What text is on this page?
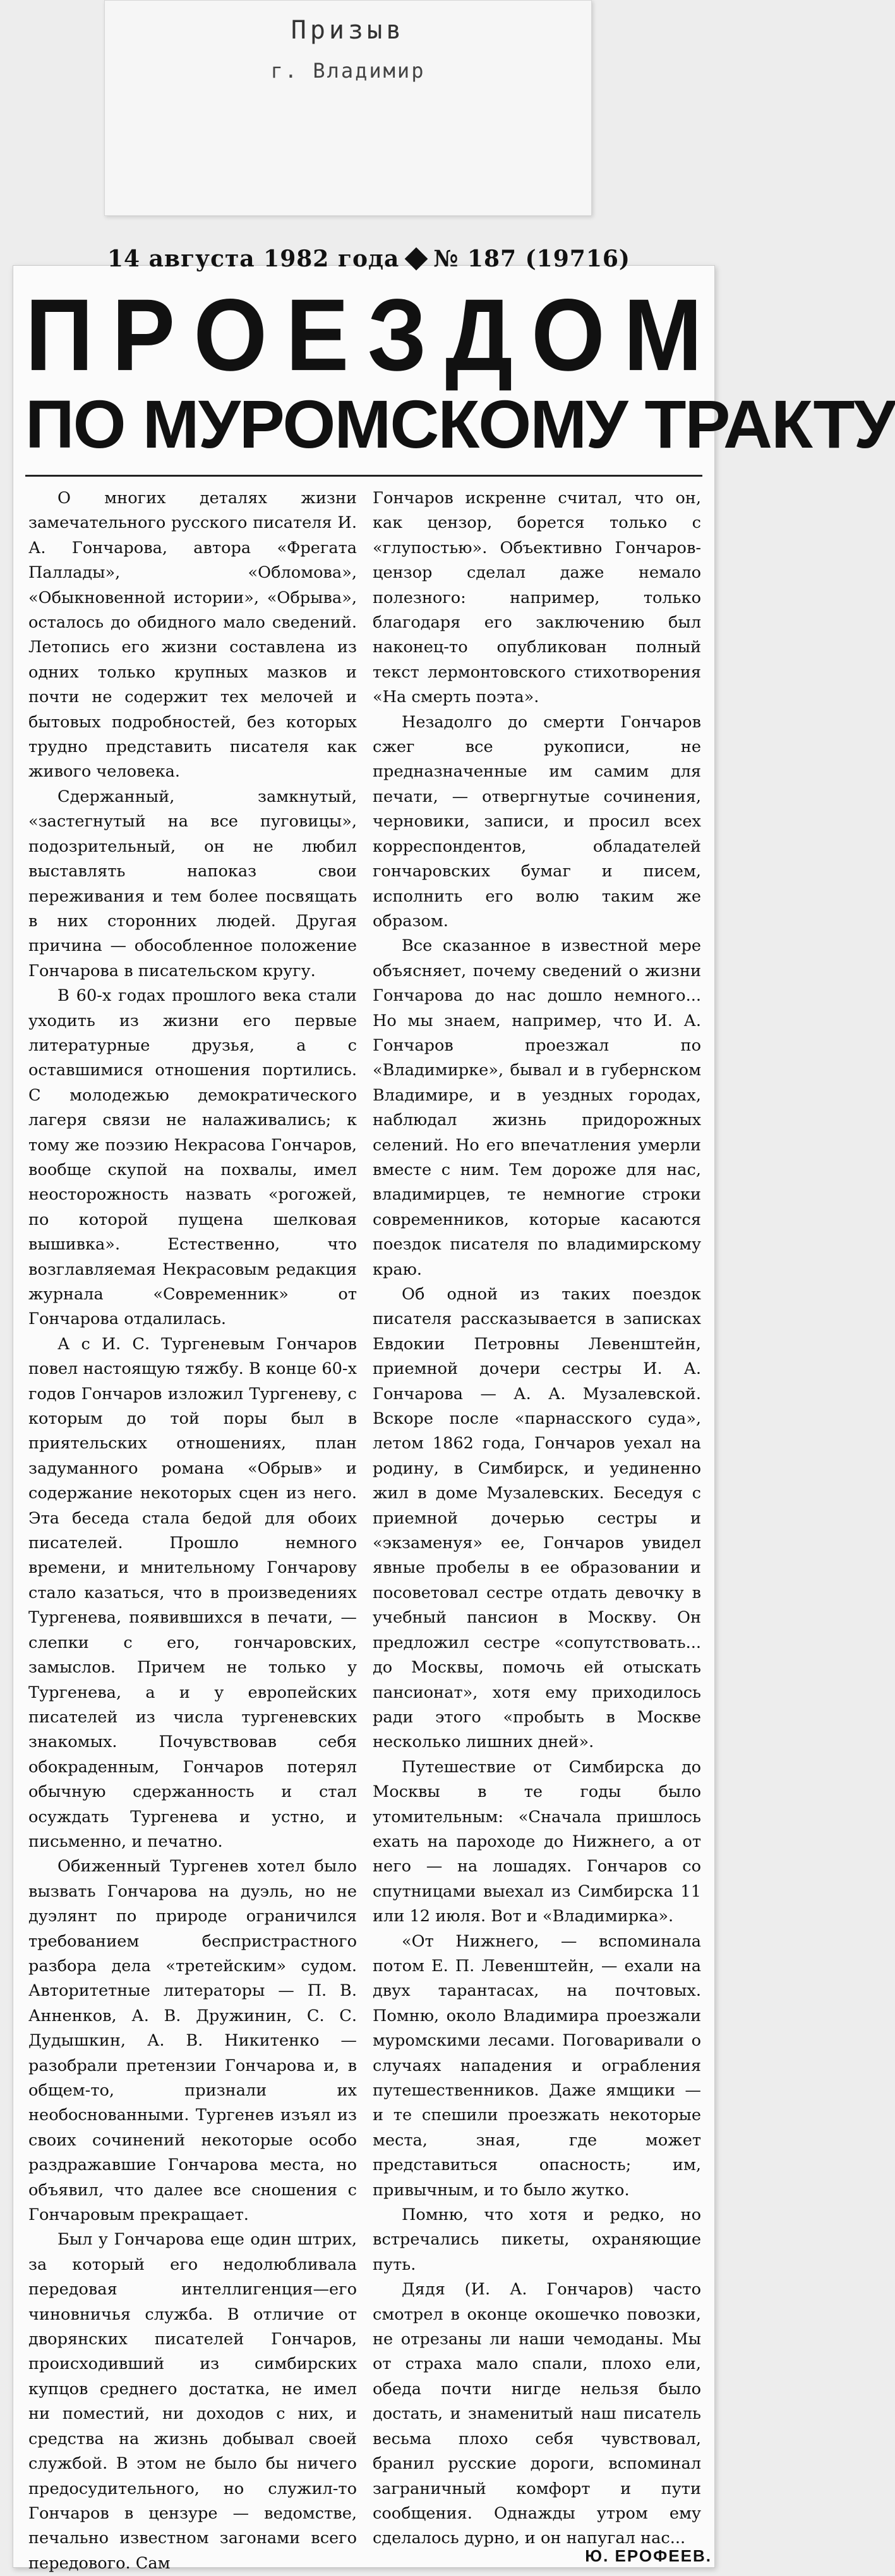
Призыв
г. Владимир
14 августа 1982 года № 187 (19716)
П Р О Е З Д О М
ПО МУРОМСКОМУ ТРАКТУ

О многих деталях жизни замечательного русского писателя И. А. Гончарова, автора «Фрегата Паллады», «Обломова», «Обыкновенной истории», «Обрыва», осталось до обидного мало сведений. Летопись его жизни составлена из одних только крупных мазков и почти не содержит тех мелочей и бытовых подробностей, без которых трудно представить писателя как живого человека.

Сдержанный, замкнутый, «застегнутый на все пуговицы», подозрительный, он не любил выставлять напоказ свои переживания и тем более посвящать в них сторонних людей. Другая причина — обособленное положение Гончарова в писательском кругу.

В 60-х годах прошлого века стали уходить из жизни его первые литературные друзья, а с оставшимися отношения портились. С молодежью демократического лагеря связи не налаживались; к тому же поэзию Некрасова Гончаров, вообще скупой на похвалы, имел неосторожность назвать «рогожей, по которой пущена шелковая вышивка». Естественно, что возглавляемая Некрасовым редакция журнала «Современник» от Гончарова отдалилась.

А с И. С. Тургеневым Гончаров повел настоящую тяжбу. В конце 60-х годов Гончаров изложил Тургеневу, с которым до той поры был в приятельских отношениях, план задуманного романа «Обрыв» и содержание некоторых сцен из него. Эта беседа стала бедой для обоих писателей. Прошло немного времени, и мнительному Гончарову стало казаться, что в произведениях Тургенева, появившихся в печати, — слепки с его, гончаровских, замыслов. Причем не только у Тургенева, а и у европейских писателей из числа тургеневских знакомых. Почувствовав себя обокраденным, Гончаров потерял обычную сдержанность и стал осуждать Тургенева и устно, и письменно, и печатно.

Обиженный Тургенев хотел было вызвать Гончарова на дуэль, но не дуэлянт по природе ограничился требованием беспристрастного разбора дела «третейским» судом. Авторитетные литераторы — П. В. Анненков, А. В. Дружинин, С. С. Дудышкин, А. В. Никитенко — разобрали претензии Гончарова и, в общем-то, признали их необоснованными. Тургенев изъял из своих сочинений некоторые особо раздражавшие Гончарова места, но объявил, что далее все сношения с Гончаровым прекращает.

Был у Гончарова еще один штрих, за который его недолюбливала передовая интеллигенция—его чиновничья служба. В отличие от дворянских писателей Гончаров, происходивший из симбирских купцов среднего достатка, не имел ни поместий, ни доходов с них, и средства на жизнь добывал своей службой. В этом не было бы ничего предосудительного, но служил-то Гончаров в цензуре — ведомстве, печально известном загонами всего передового. Сам

Гончаров искренне считал, что он, как цензор, борется только с «глупостью». Объективно Гончаров-цензор сделал даже немало полезного: например, только благодаря его заключению был наконец-то опубликован полный текст лермонтовского стихотворения «На смерть поэта».

Незадолго до смерти Гончаров сжег все рукописи, не предназначенные им самим для печати, — отвергнутые сочинения, черновики, записи, и просил всех корреспондентов, обладателей гончаровских бумаг и писем, исполнить его волю таким же образом.

Все сказанное в известной мере объясняет, почему сведений о жизни Гончарова до нас дошло немного... Но мы знаем, например, что И. А. Гончаров проезжал по «Владимирке», бывал и в губернском Владимире, и в уездных городах, наблюдал жизнь придорожных селений. Но его впечатления умерли вместе с ним. Тем дороже для нас, владимирцев, те немногие строки современников, которые касаются поездок писателя по владимирскому краю.

Об одной из таких поездок писателя рассказывается в записках Евдокии Петровны Левенштейн, приемной дочери сестры И. А. Гончарова — А. А. Музалевской. Вскоре после «парнасского суда», летом 1862 года, Гончаров уехал на родину, в Симбирск, и уединенно жил в доме Музалевских. Беседуя с приемной дочерью сестры и «экзаменуя» ее, Гончаров увидел явные пробелы в ее образовании и посоветовал сестре отдать девочку в учебный пансион в Москву. Он предложил сестре «сопутствовать... до Москвы, помочь ей отыскать пансионат», хотя ему приходилось ради этого «пробыть в Москве несколько лишних дней».

Путешествие от Симбирска до Москвы в те годы было утомительным: «Сначала пришлось ехать на пароходе до Нижнего, а от него — на лошадях. Гончаров со спутницами выехал из Симбирска 11 или 12 июля. Вот и «Владимирка».

«От Нижнего, — вспоминала потом Е. П. Левенштейн, — ехали на двух тарантасах, на почтовых. Помню, около Владимира проезжали муромскими лесами. Поговаривали о случаях нападения и ограбления путешественников. Даже ямщики — и те спешили проезжать некоторые места, зная, где может представиться опасность; им, привычным, и то было жутко.

Помню, что хотя и редко, но встречались пикеты, охраняющие путь.

Дядя (И. А. Гончаров) часто смотрел в оконце окошечко повозки, не отрезаны ли наши чемоданы. Мы от страха мало спали, плохо ели, обеда почти нигде нельзя было достать, и знаменитый наш писатель весьма плохо себя чувствовал, бранил русские дороги, вспоминал заграничный комфорт и пути сообщения. Однажды утром ему сделалось дурно, и он напугал нас...

Ю. ЕРОФЕЕВ.
